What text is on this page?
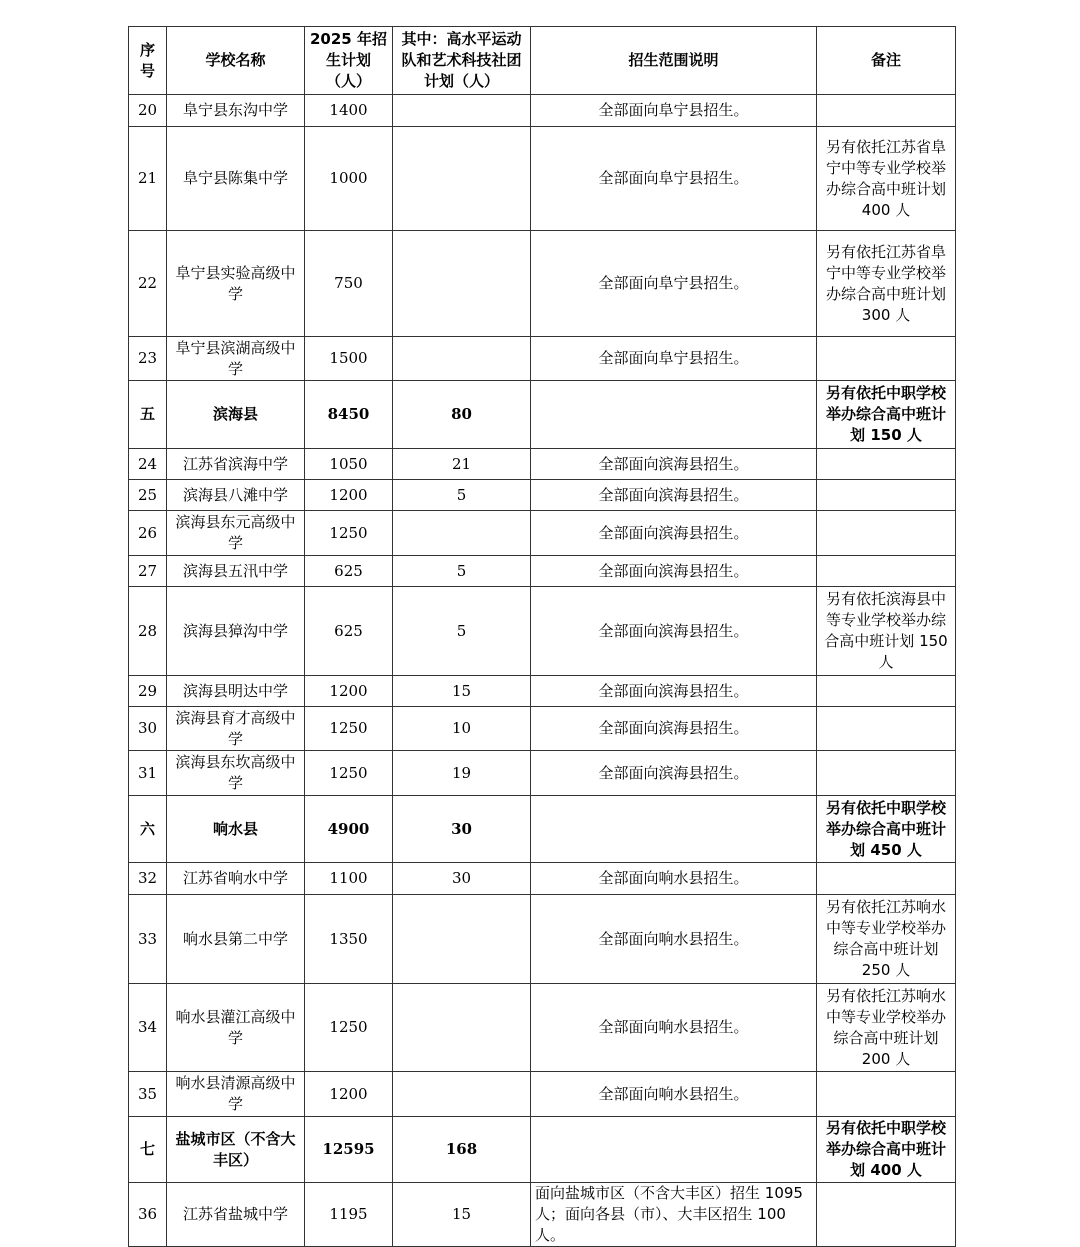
序号	学校名称	2025 年招生计划（人）	其中：高水平运动队和艺术科技社团计划（人）	招生范围说明	备注
20	阜宁县东沟中学	1400		全部面向阜宁县招生。	
21	阜宁县陈集中学	1000		全部面向阜宁县招生。	另有依托江苏省阜宁中等专业学校举办综合高中班计划 400 人
22	阜宁县实验高级中学	750		全部面向阜宁县招生。	另有依托江苏省阜宁中等专业学校举办综合高中班计划 300 人
23	阜宁县滨湖高级中学	1500		全部面向阜宁县招生。	
五	滨海县	8450	80		另有依托中职学校举办综合高中班计划 150 人
24	江苏省滨海中学	1050	21	全部面向滨海县招生。	
25	滨海县八滩中学	1200	5	全部面向滨海县招生。	
26	滨海县东元高级中学	1250		全部面向滨海县招生。	
27	滨海县五汛中学	625	5	全部面向滨海县招生。	
28	滨海县獐沟中学	625	5	全部面向滨海县招生。	另有依托滨海县中等专业学校举办综合高中班计划 150 人
29	滨海县明达中学	1200	15	全部面向滨海县招生。	
30	滨海县育才高级中学	1250	10	全部面向滨海县招生。	
31	滨海县东坎高级中学	1250	19	全部面向滨海县招生。	
六	响水县	4900	30		另有依托中职学校举办综合高中班计划 450 人
32	江苏省响水中学	1100	30	全部面向响水县招生。	
33	响水县第二中学	1350		全部面向响水县招生。	另有依托江苏响水中等专业学校举办综合高中班计划 250 人
34	响水县灌江高级中学	1250		全部面向响水县招生。	另有依托江苏响水中等专业学校举办综合高中班计划 200 人
35	响水县清源高级中学	1200		全部面向响水县招生。	
七	盐城市区（不含大丰区）	12595	168		另有依托中职学校举办综合高中班计划 400 人
36	江苏省盐城中学	1195	15	面向盐城市区（不含大丰区）招生 1095 人；面向各县（市）、大丰区招生 100 人。	
